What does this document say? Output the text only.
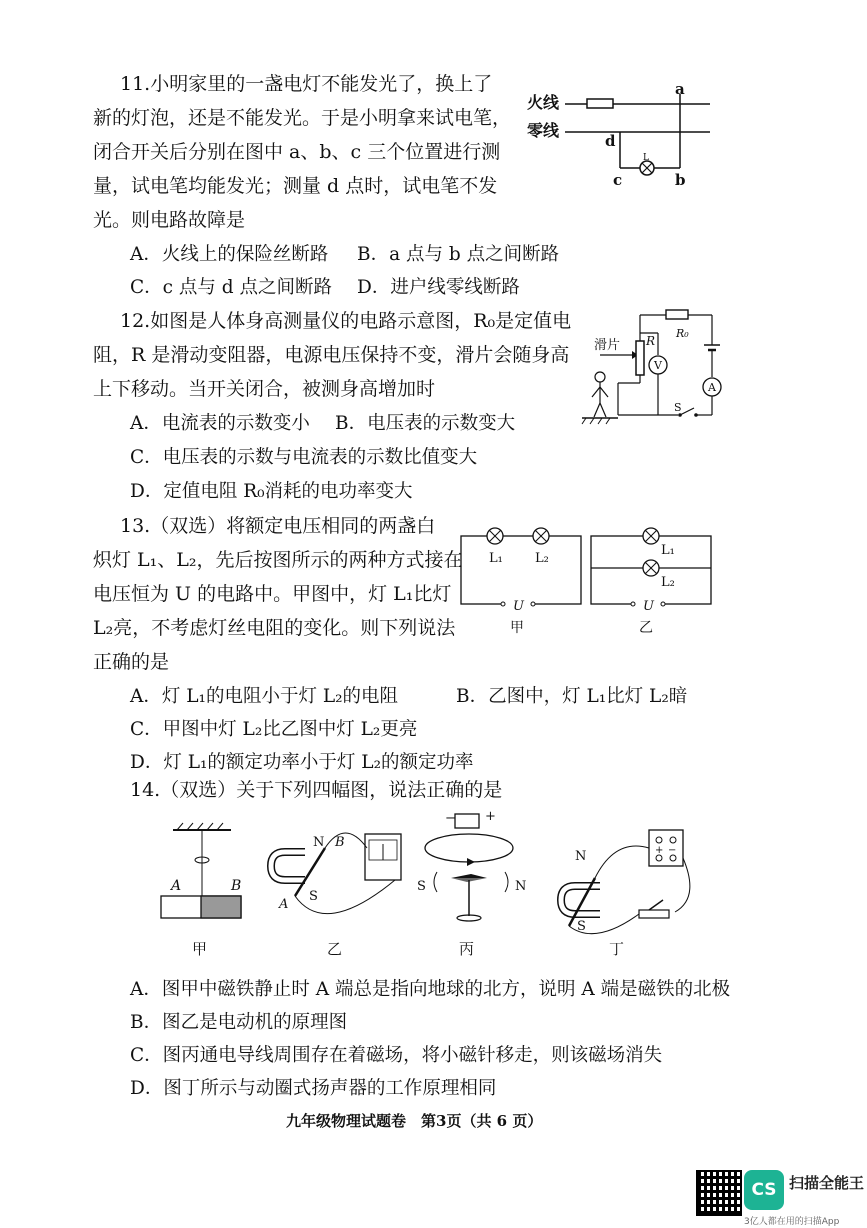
11.小明家里的一盏电灯不能发光了，换上了
新的灯泡，还是不能发光。于是小明拿来试电笔，
闭合开关后分别在图中 a、b、c 三个位置进行测
量，试电笔均能发光；测量 d 点时，试电笔不发
光。则电路故障是
A．火线上的保险丝断路 B．a 点与 b 点之间断路
C．c 点与 d 点之间断路 D．进户线零线断路
火线
零线
L
a
b
c
d
12.如图是人体身高测量仪的电路示意图，R₀是定值电
阻，R 是滑动变阻器，电源电压保持不变，滑片会随身高
上下移动。当开关闭合，被测身高增加时
A．电流表的示数变小 B．电压表的示数变大
C．电压表的示数与电流表的示数比值变大
D．定值电阻 R₀消耗的电功率变大
滑片 R
R₀
A
V
S
13.（双选）将额定电压相同的两盏白
炽灯 L₁、L₂，先后按图所示的两种方式接在
电压恒为 U 的电路中。甲图中，灯 L₁比灯
L₂亮，不考虑灯丝电阻的变化。则下列说法
正确的是
A．灯 L₁的电阻小于灯 L₂的电阻	B．乙图中，灯 L₁比灯 L₂暗
C．甲图中灯 L₂比乙图中灯 L₂更亮
D．灯 L₁的额定功率小于灯 L₂的额定功率
L₁ L₂
U
甲
L₁
L₂
U
乙
14.（双选）关于下列四幅图，说法正确的是
A	B
甲
N
S
B
A
乙
− +
S	N
丙
N
S
+ −
丁
A．图甲中磁铁静止时 A 端总是指向地球的北方，说明 A 端是磁铁的北极
B．图乙是电动机的原理图
C．图丙通电导线周围存在着磁场，将小磁针移走，则该磁场消失
D．图丁所示与动圈式扬声器的工作原理相同
九年级物理试题卷　第3页（共 6 页）
CS 扫描全能王
3亿人都在用的扫描App
